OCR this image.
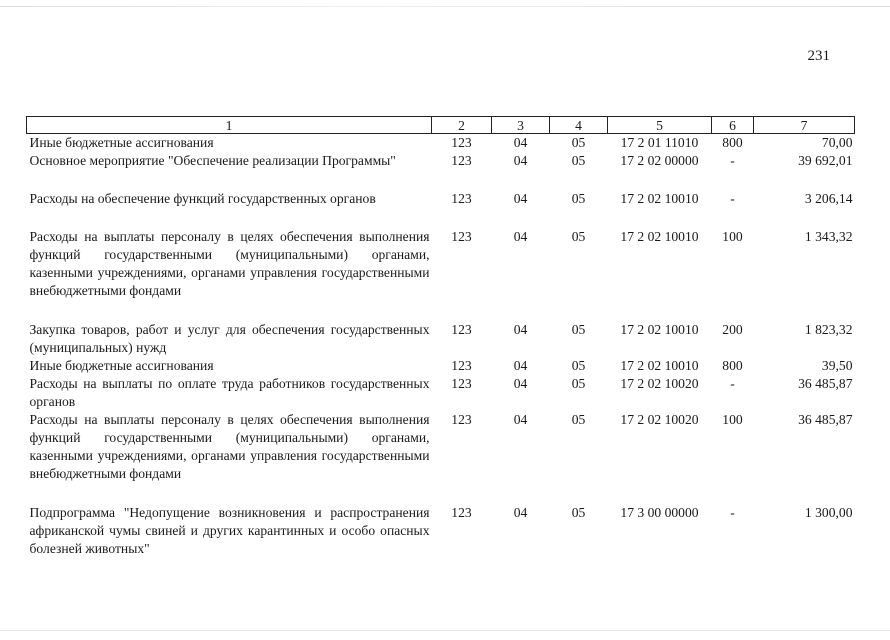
231
1	2	3	4	5	6	7
Иные бюджетные ассигнования	123	04	05	17 2 01 11010	800	70,00
Основное мероприятие "Обеспечение реализации Программы"	123	04	05	17 2 02 00000	-	39 692,01
Расходы на обеспечение функций государственных органов	123	04	05	17 2 02 10010	-	3 206,14
Расходы на выплаты персоналу в целях обеспечения выполнения функций государственными (муниципальными) органами, казенными учреждениями, органами управления государственными внебюджетными фондами	123	04	05	17 2 02 10010	100	1 343,32
Закупка товаров, работ и услуг для обеспечения государственных (муниципальных) нужд	123	04	05	17 2 02 10010	200	1 823,32
Иные бюджетные ассигнования	123	04	05	17 2 02 10010	800	39,50
Расходы на выплаты по оплате труда работников государственных органов	123	04	05	17 2 02 10020	-	36 485,87
Расходы на выплаты персоналу в целях обеспечения выполнения функций государственными (муниципальными) органами, казенными учреждениями, органами управления государственными внебюджетными фондами	123	04	05	17 2 02 10020	100	36 485,87
Подпрограмма "Недопущение возникновения и распространения африканской чумы свиней и других карантинных и особо опасных болезней животных"	123	04	05	17 3 00 00000	-	1 300,00
